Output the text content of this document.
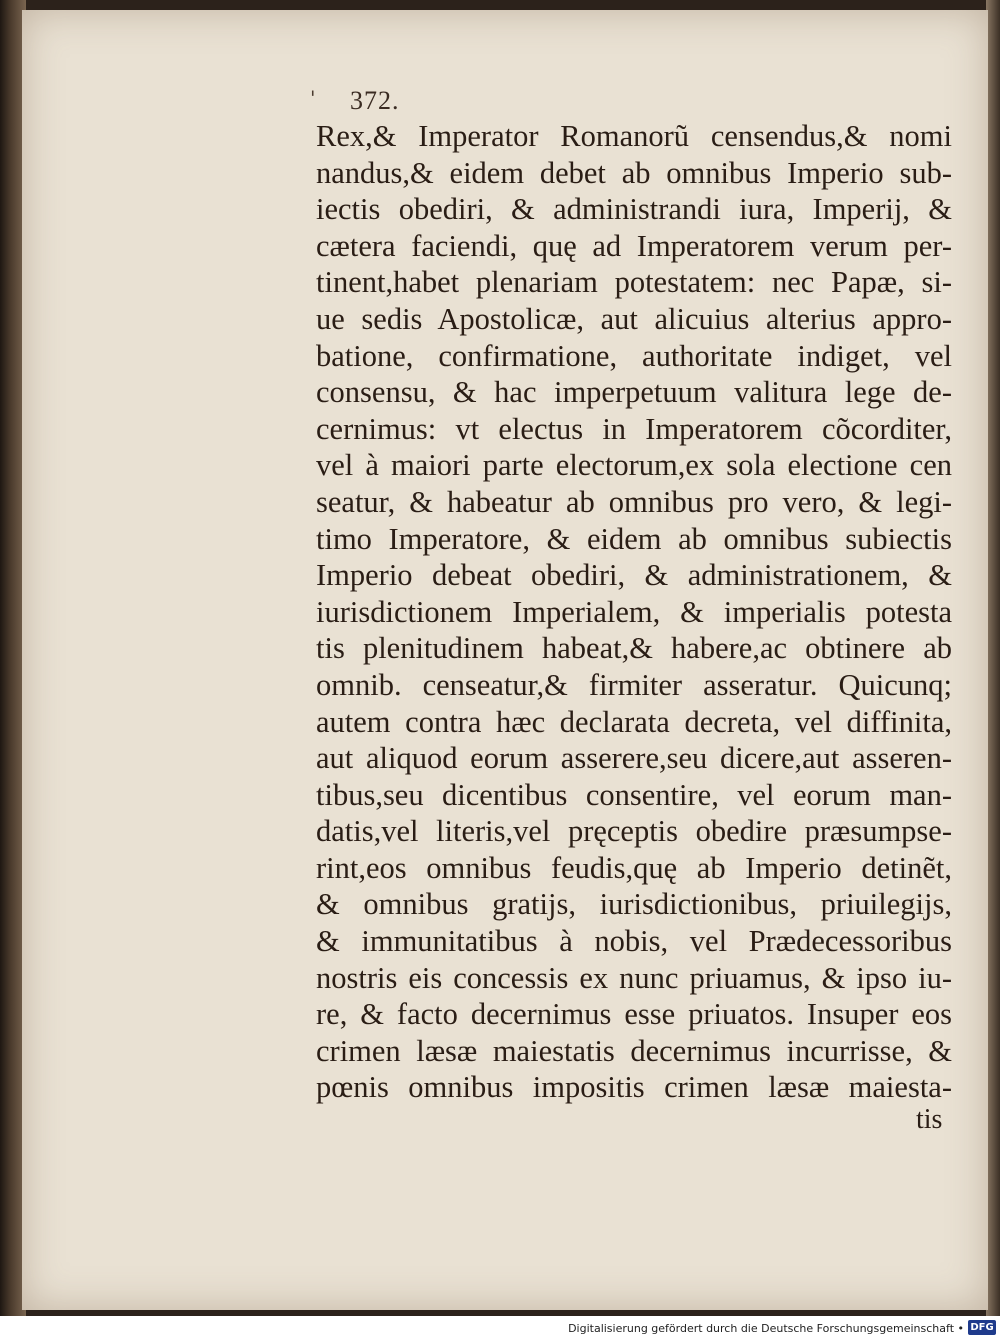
' 372.
Rex,& Imperator Romanorũ censendus,& nomi
nandus,& eidem debet ab omnibus Imperio sub-
iectis obediri, & administrandi iura, Imperij, &
cætera faciendi, quę ad Imperatorem verum per-
tinent,habet plenariam potestatem: nec Papæ, si-
ue sedis Apostolicæ, aut alicuius alterius appro-
batione, confirmatione, authoritate indiget, vel
consensu, & hac imperpetuum valitura lege de-
cernimus: vt electus in Imperatorem cõcorditer,
vel à maiori parte electorum,ex sola electione cen
seatur, & habeatur ab omnibus pro vero, & legi-
timo Imperatore, & eidem ab omnibus subiectis
Imperio debeat obediri, & administrationem, &
iurisdictionem Imperialem, & imperialis potesta
tis plenitudinem habeat,& habere,ac obtinere ab
omnib. censeatur,& firmiter asseratur. Quicunq;
autem contra hæc declarata decreta, vel diffinita,
aut aliquod eorum asserere,seu dicere,aut asseren-
tibus,seu dicentibus consentire, vel eorum man-
datis,vel literis,vel pręceptis obedire præsumpse-
rint,eos omnibus feudis,quę ab Imperio detinẽt,
& omnibus gratijs, iurisdictionibus, priuilegijs,
& immunitatibus à nobis, vel Prædecessoribus
nostris eis concessis ex nunc priuamus, & ipso iu-
re, & facto decernimus esse priuatos. Insuper eos
crimen læsæ maiestatis decernimus incurrisse, &
pœnis omnibus impositis crimen læsæ maiesta-
tis
Digitalisierung gefördert durch die Deutsche Forschungsgemeinschaft • DFG
